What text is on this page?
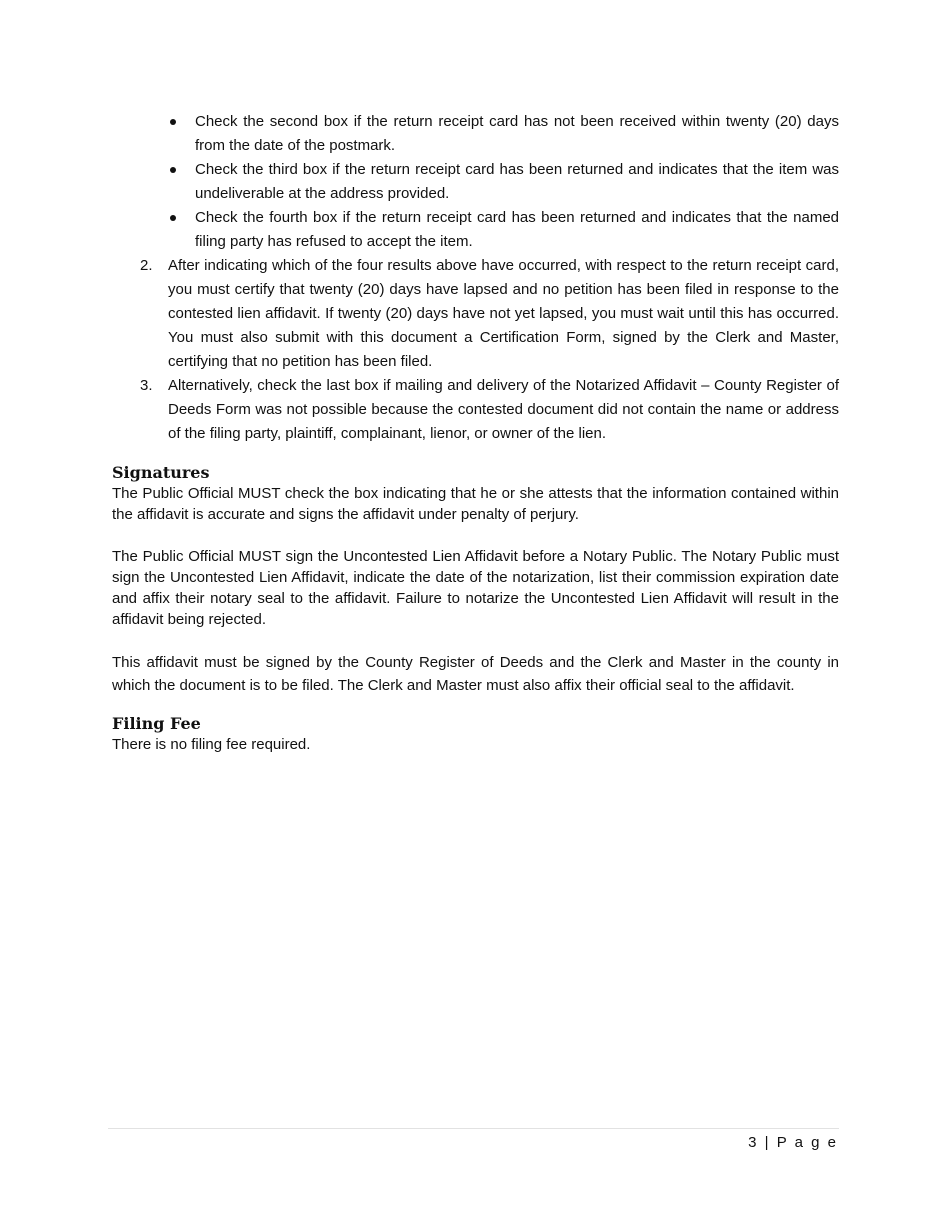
Check the second box if the return receipt card has not been received within twenty (20) days from the date of the postmark.
Check the third box if the return receipt card has been returned and indicates that the item was undeliverable at the address provided.
Check the fourth box if the return receipt card has been returned and indicates that the named filing party has refused to accept the item.
2. After indicating which of the four results above have occurred, with respect to the return receipt card, you must certify that twenty (20) days have lapsed and no petition has been filed in response to the contested lien affidavit. If twenty (20) days have not yet lapsed, you must wait until this has occurred. You must also submit with this document a Certification Form, signed by the Clerk and Master, certifying that no petition has been filed.
3. Alternatively, check the last box if mailing and delivery of the Notarized Affidavit – County Register of Deeds Form was not possible because the contested document did not contain the name or address of the filing party, plaintiff, complainant, lienor, or owner of the lien.
Signatures

The Public Official MUST check the box indicating that he or she attests that the information contained within the affidavit is accurate and signs the affidavit under penalty of perjury.

The Public Official MUST sign the Uncontested Lien Affidavit before a Notary Public. The Notary Public must sign the Uncontested Lien Affidavit, indicate the date of the notarization, list their commission expiration date and affix their notary seal to the affidavit. Failure to notarize the Uncontested Lien Affidavit will result in the affidavit being rejected.

This affidavit must be signed by the County Register of Deeds and the Clerk and Master in the county in which the document is to be filed. The Clerk and Master must also affix their official seal to the affidavit.

Filing Fee

There is no filing fee required.

3 | P a g e
